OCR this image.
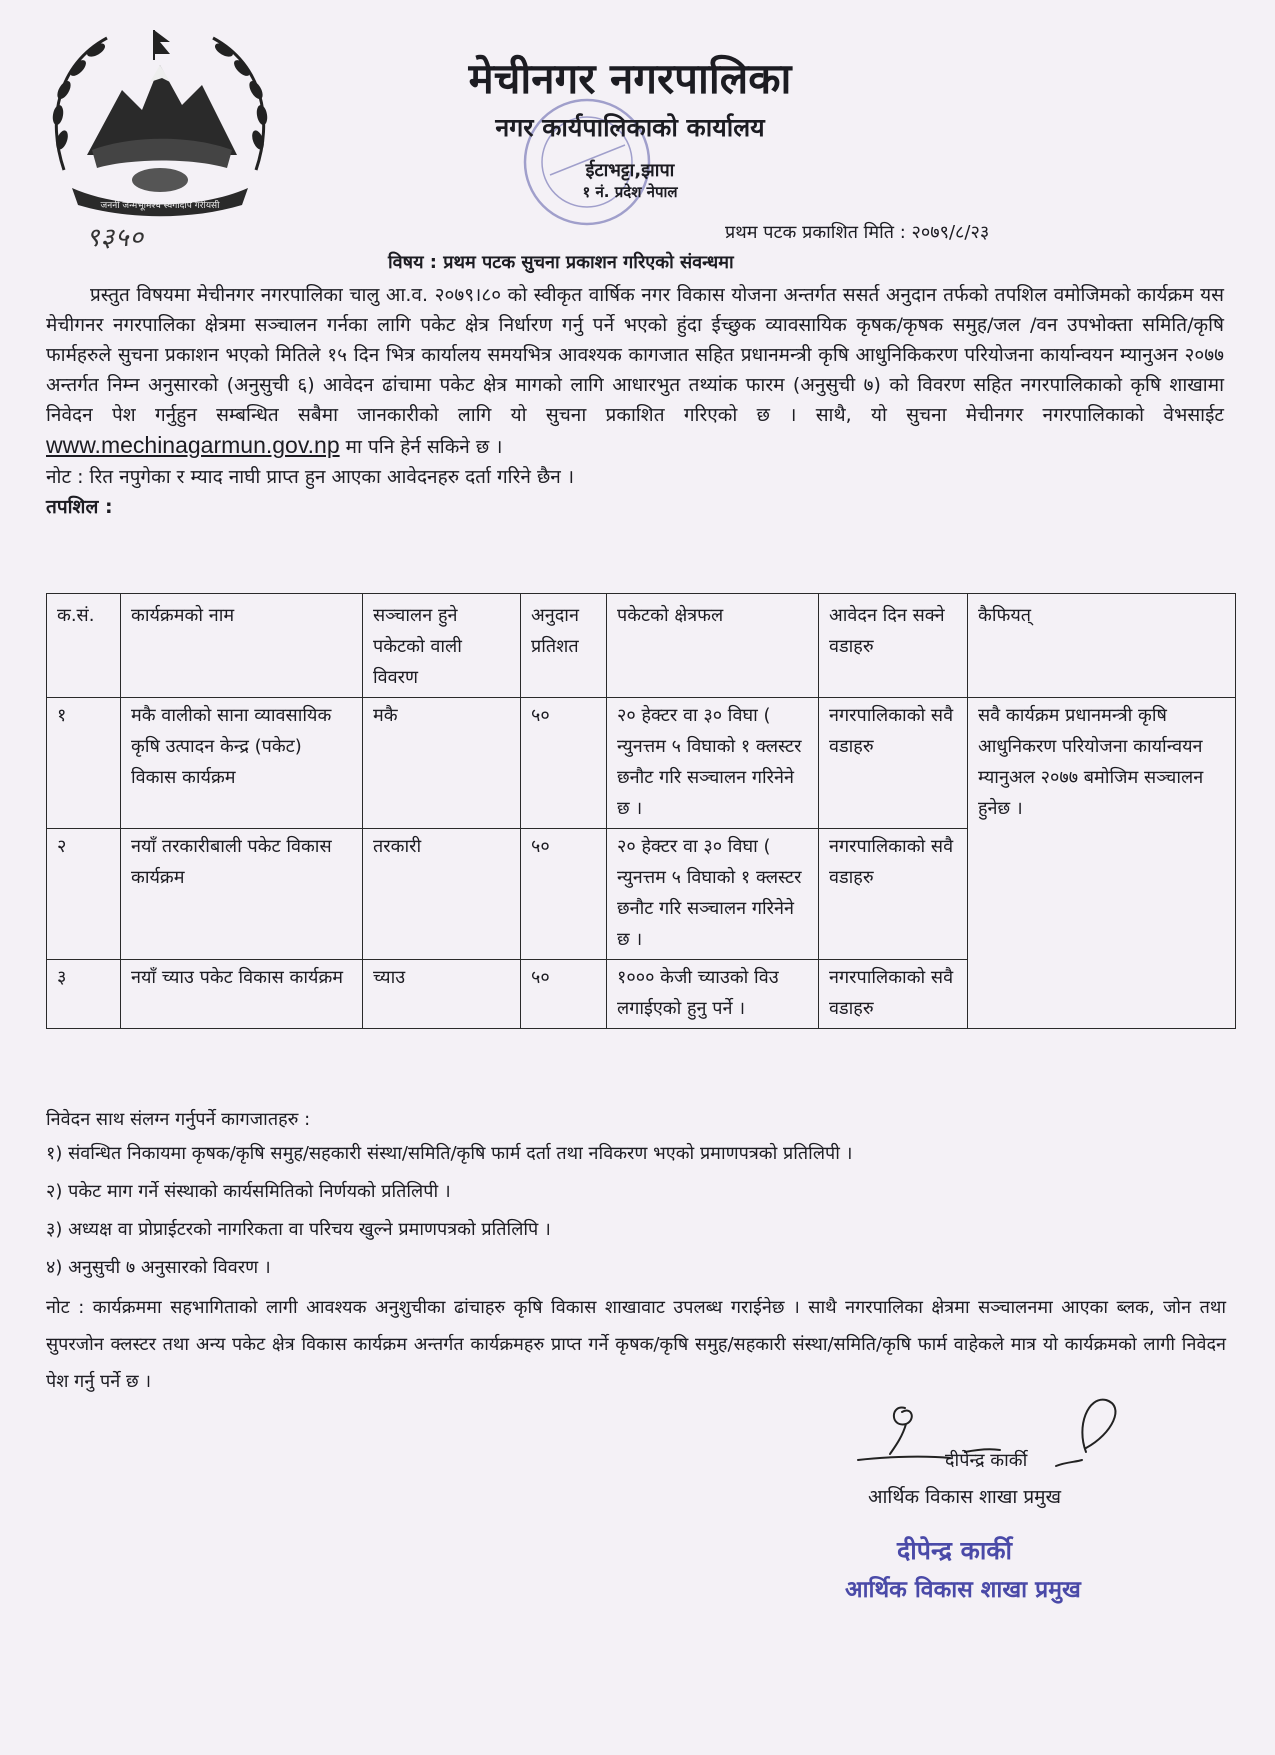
जननी जन्मभूमिश्च स्वर्गादपि गरीयसी
९३५०
मेचीनगर नगरपालिका
नगर कार्यपालिकाको कार्यालय
ईटाभट्टा,झापा
१ नं. प्रदेश नेपाल
प्रथम पटक प्रकाशित मिति : २०७९/८/२३
विषय : प्रथम पटक सुचना प्रकाशन गरिएको संवन्धमा

प्रस्तुत विषयमा मेचीनगर नगरपालिका चालु आ.व. २०७९।८० को स्वीकृत वार्षिक नगर विकास योजना अन्तर्गत ससर्त अनुदान तर्फको तपशिल वमोजिमको कार्यक्रम यस मेचीगनर नगरपालिका क्षेत्रमा सञ्चालन गर्नका लागि पकेट क्षेत्र निर्धारण गर्नु पर्ने भएको हुंदा ईच्छुक व्यावसायिक कृषक/कृषक समुह/जल /वन उपभोक्ता समिति/कृषि फार्महरुले सुचना प्रकाशन भएको मितिले १५ दिन भित्र कार्यालय समयभित्र आवश्यक कागजात सहित प्रधानमन्त्री कृषि आधुनिकिकरण परियोजना कार्यान्वयन म्यानुअन २०७७ अन्तर्गत निम्न अनुसारको (अनुसुची ६) आवेदन ढांचामा पकेट क्षेत्र मागको लागि आधारभुत तथ्यांक फारम (अनुसुची ७) को विवरण सहित नगरपालिकाको कृषि शाखामा निवेदन पेश गर्नुहुन सम्बन्धित सबैमा जानकारीको लागि यो सुचना प्रकाशित गरिएको छ । साथै, यो सुचना मेचीनगर नगरपालिकाको वेभसाईट www.mechinagarmun.gov.np मा पनि हेर्न सकिने छ ।

नोट : रित नपुगेका र म्याद नाघी प्राप्त हुन आएका आवेदनहरु दर्ता गरिने छैन ।

तपशिल :

क.सं.	कार्यक्रमको नाम	सञ्चालन हुने पकेटको वाली विवरण	अनुदान प्रतिशत	पकेटको क्षेत्रफल	आवेदन दिन सक्ने वडाहरु	कैफियत्
१	मकै वालीको साना व्यावसायिक कृषि उत्पादन केन्द्र (पकेट) विकास कार्यक्रम	मकै	५०	२० हेक्टर वा ३० विघा ( न्युनत्तम ५ विघाको १ क्लस्टर छनौट गरि सञ्चालन गरिनेने छ ।	नगरपालिकाको सवै वडाहरु	सवै कार्यक्रम प्रधानमन्त्री कृषि आधुनिकरण परियोजना कार्यान्वयन म्यानुअल २०७७ बमोजिम सञ्चालन हुनेछ ।
२	नयाँ तरकारीबाली पकेट विकास कार्यक्रम	तरकारी	५०	२० हेक्टर वा ३० विघा ( न्युनत्तम ५ विघाको १ क्लस्टर छनौट गरि सञ्चालन गरिनेने छ ।	नगरपालिकाको सवै वडाहरु	
३	नयाँ च्याउ पकेट विकास कार्यक्रम	च्याउ	५०	१००० केजी च्याउको विउ लगाईएको हुनु पर्ने ।	नगरपालिकाको सवै वडाहरु	
निवेदन साथ संलग्न गर्नुपर्ने कागजातहरु :
१) संवन्धित निकायमा कृषक/कृषि समुह/सहकारी संस्था/समिति/कृषि फार्म दर्ता तथा नविकरण भएको प्रमाणपत्रको प्रतिलिपी ।
२) पकेट माग गर्ने संस्थाको कार्यसमितिको निर्णयको प्रतिलिपी ।
३) अध्यक्ष वा प्रोप्राईटरको नागरिकता वा परिचय खुल्ने प्रमाणपत्रको प्रतिलिपि ।
४) अनुसुची ७ अनुसारको विवरण ।
नोट : कार्यक्रममा सहभागिताको लागी आवश्यक अनुशुचीका ढांचाहरु कृषि विकास शाखावाट उपलब्ध गराईनेछ । साथै नगरपालिका क्षेत्रमा सञ्चालनमा आएका ब्लक, जोन तथा सुपरजोन क्लस्टर तथा अन्य पकेट क्षेत्र विकास कार्यक्रम अन्तर्गत कार्यक्रमहरु प्राप्त गर्ने कृषक/कृषि समुह/सहकारी संस्था/समिति/कृषि फार्म वाहेकले मात्र यो कार्यक्रमको लागी निवेदन पेश गर्नु पर्ने छ ।
दीपेन्द्र कार्की
आर्थिक विकास शाखा प्रमुख
दीपेन्द्र कार्की
आर्थिक विकास शाखा प्रमुख
